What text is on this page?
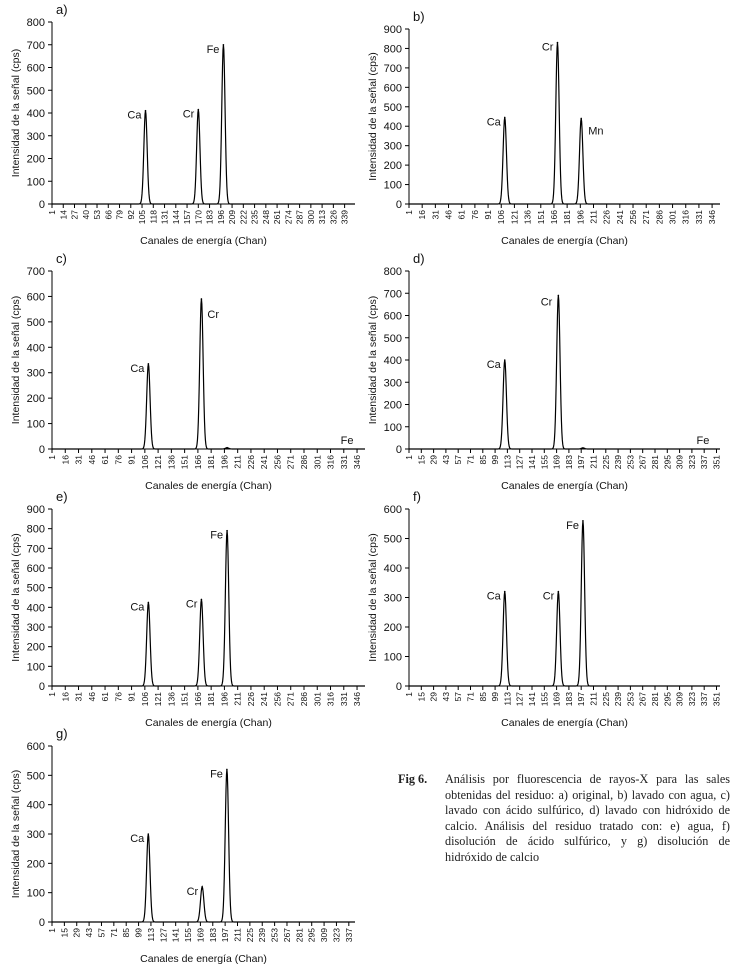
a)
0
100
200
300
400
500
600
700
800
1 14 27 40 53 66 79 92 105 118 131 144 157 170 183 196 209 222 235 248 261 274 287 300 313 326 339
Canales de energía (Chan)
Intensidad de la señal (cps)	Ca	Cr
Fe
b)
0
100
200
300
400
500
600
700
800
900
1 16 31 46 61 76 91 106 121 136 151 166 181 196 211 226 241 256 271 286 301 316 331 346
Canales de energía (Chan)
Intensidad de la señal (cps)	Ca
Cr
Mn
c)
0
100
200
300
400
500
600
700
1 16 31 46 61 76 91 106 121 136 151 166 181 196 211 226 241 256 271 286 301 316 331 346
Canales de energía (Chan)
Intensidad de la señal (cps)	Ca
Cr
Fe
d)
0
100
200
300
400
500
600
700
800
1 15 29 43 57 71 85 99 113 127 141 155 169 183 197 211 225 239 253 267 281 295 309 323 337 351
Canales de energía (Chan)
Intensidad de la señal (cps)	Ca
Cr
Fe
e)
0
100
200
300
400
500
600
700
800
900
1 16 31 46 61 76 91 106 121 136 151 166 181 196 211 226 241 256 271 286 301 316 331 346
Canales de energía (Chan)
Intensidad de la señal (cps)	Ca	Cr
Fe
f)
0
100
200
300
400
500
600
1 15 29 43 57 71 85 99 113 127 141 155 169 183 197 211 225 239 253 267 281 295 309 323 337 351
Canales de energía (Chan)
Intensidad de la señal (cps)	Ca	Cr
Fe
g)
0
100
200
300
400
500
600
1 15 29 43 57 71 85 99 113 127 141 155 169 183 197 211 225 239 253 267 281 295 309 323 337
Canales de energía (Chan)
Intensidad de la señal (cps)	Ca
Cr
Fe	Fig 6.	Análisis por fluorescencia de rayos-X para las sales obtenidas del residuo: a) original, b) lavado con agua, c) lavado con ácido sulfúrico, d) lavado con hidróxido de calcio. Análisis del residuo tratado con: e) agua, f) disolución de ácido sulfúrico, y g) disolución de hidróxido de calcio
